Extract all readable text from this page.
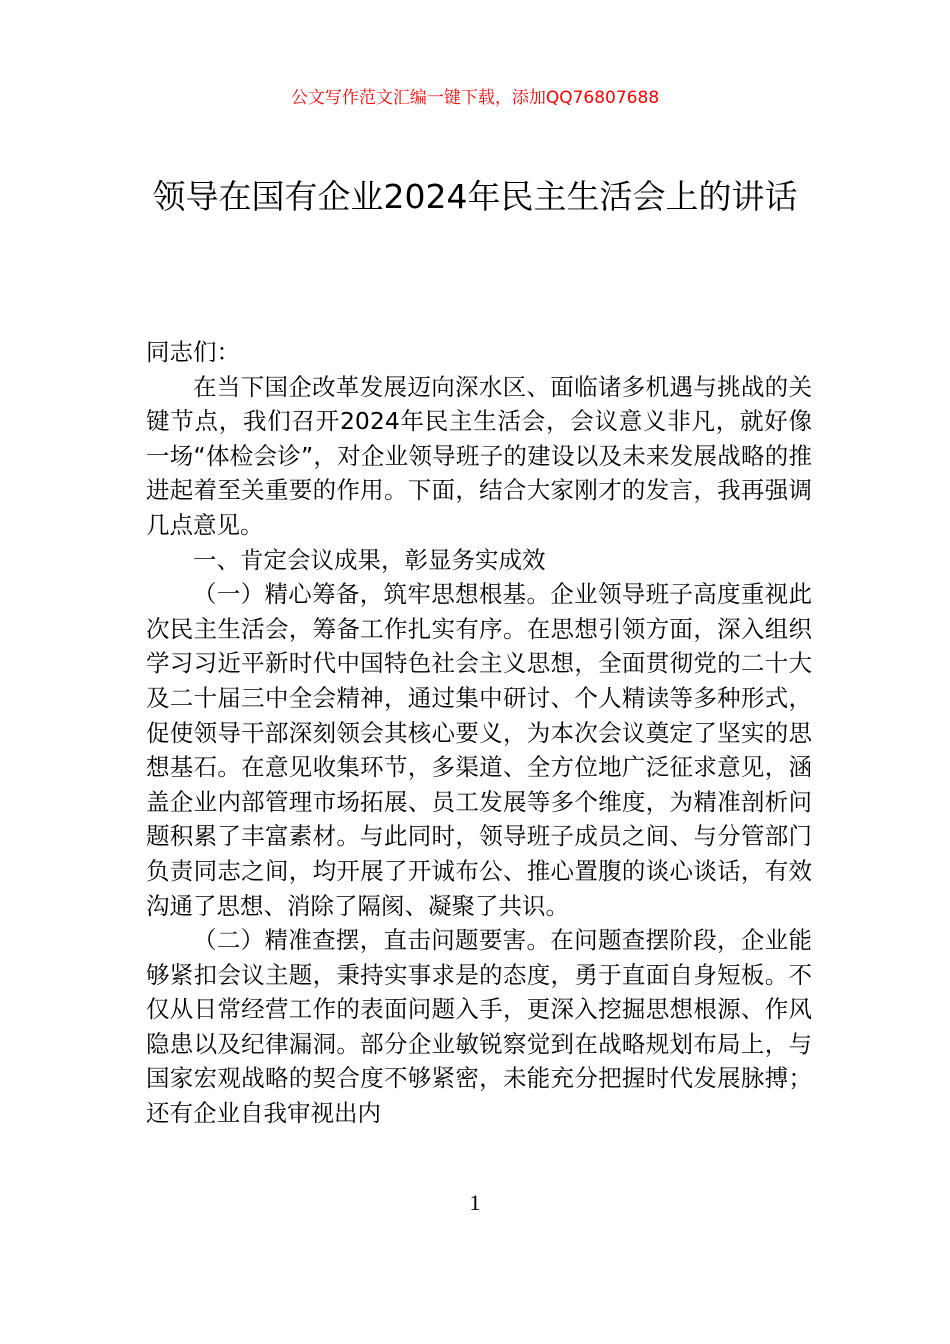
公文写作范文汇编一键下载，添加QQ76807688
领导在国有企业2024年民主生活会上的讲话

同志们：

在当下国企改革发展迈向深水区、面临诸多机遇与挑战的关键节点，我们召开2024年民主生活会，会议意义非凡，就好像一场“体检会诊”，对企业领导班子的建设以及未来发展战略的推进起着至关重要的作用。下面，结合大家刚才的发言，我再强调几点意见。

一、肯定会议成果，彰显务实成效

（一）精心筹备，筑牢思想根基。企业领导班子高度重视此次民主生活会，筹备工作扎实有序。在思想引领方面，深入组织学习习近平新时代中国特色社会主义思想，全面贯彻党的二十大及二十届三中全会精神，通过集中研讨、个人精读等多种形式，促使领导干部深刻领会其核心要义，为本次会议奠定了坚实的思想基石。在意见收集环节，多渠道、全方位地广泛征求意见，涵盖企业内部管理市场拓展、员工发展等多个维度，为精准剖析问题积累了丰富素材。与此同时，领导班子成员之间、与分管部门负责同志之间，均开展了开诚布公、推心置腹的谈心谈话，有效沟通了思想、消除了隔阂、凝聚了共识。

（二）精准查摆，直击问题要害。在问题查摆阶段，企业能够紧扣会议主题，秉持实事求是的态度，勇于直面自身短板。不仅从日常经营工作的表面问题入手，更深入挖掘思想根源、作风隐患以及纪律漏洞。部分企业敏锐察觉到在战略规划布局上，与国家宏观战略的契合度不够紧密，未能充分把握时代发展脉搏；还有企业自我审视出内

1
